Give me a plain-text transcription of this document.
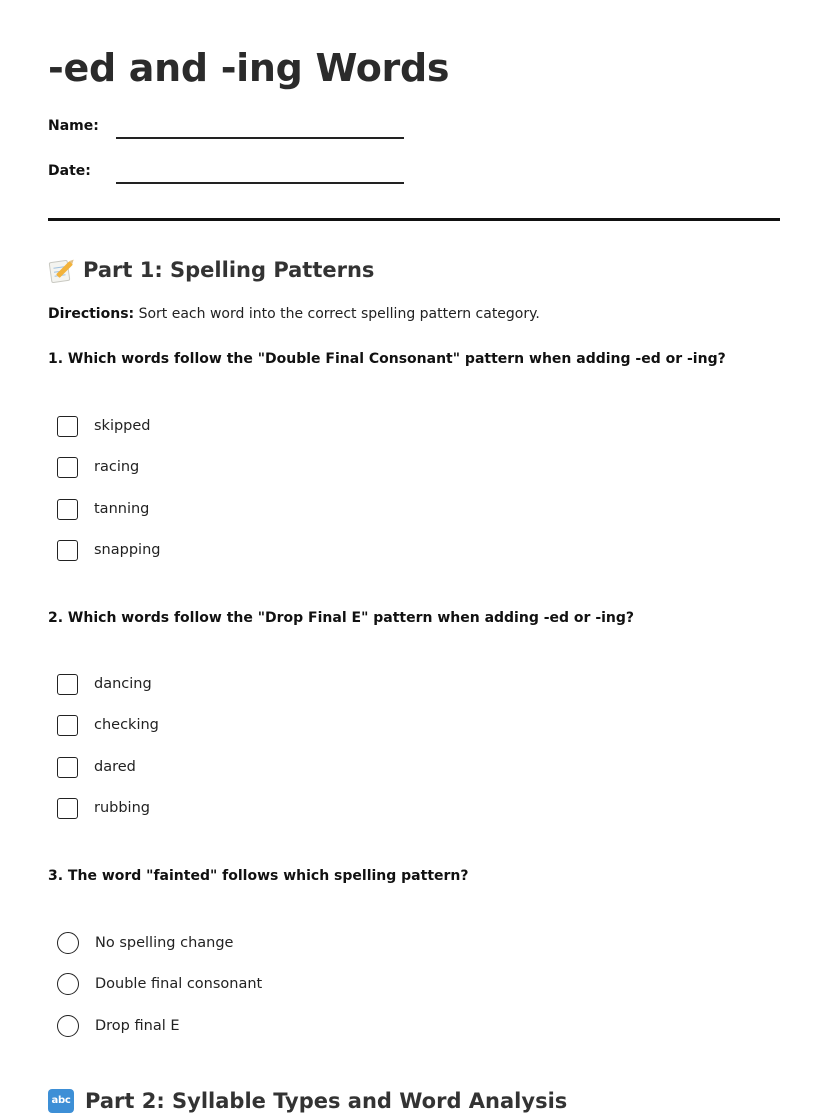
-ed and -ing Words
Name:
Date:
Part 1: Spelling Patterns

Directions: Sort each word into the correct spelling pattern category.

1. Which words follow the "Double Final Consonant" pattern when adding -ed or -ing?

skipped
racing
tanning
snapping

2. Which words follow the "Drop Final E" pattern when adding -ed or -ing?

dancing
checking
dared
rubbing

3. The word "fainted" follows which spelling pattern?

No spelling change
Double final consonant
Drop final E
abc Part 2: Syllable Types and Word Analysis
